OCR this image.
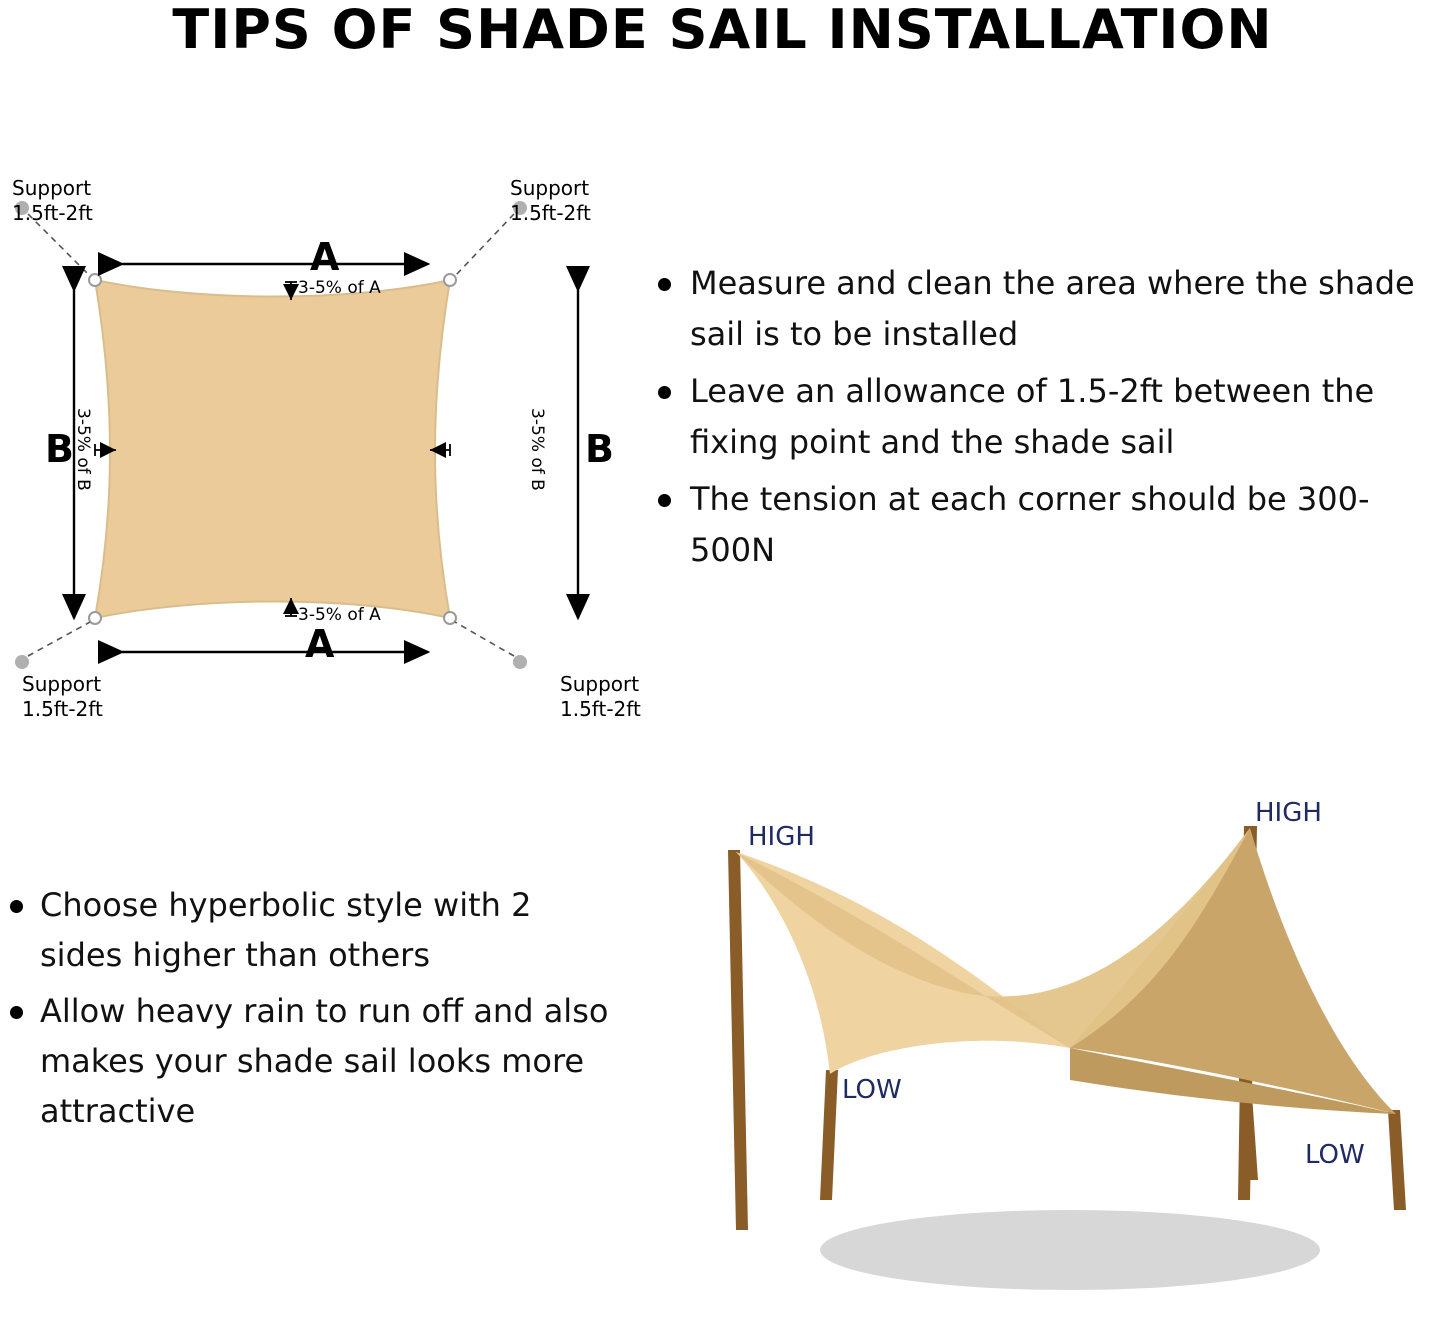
TIPS OF SHADE SAIL INSTALLATION
Support
1.5ft-2ft
Support
1.5ft-2ft
Support
1.5ft-2ft
Support
1.5ft-2ft
A
A
B	B
3-5% of A
3-5% of A
3-5% of B	3-5% of B
Measure and clean the area where the shade sail is to be installed
Leave an allowance of 1.5-2ft between the fixing point and the shade sail
The tension at each corner should be 300-500N
Choose hyperbolic style with 2 sides higher than others
Allow heavy rain to run off and also makes your shade sail looks more attractive
HIGH
HIGH
LOW
LOW
